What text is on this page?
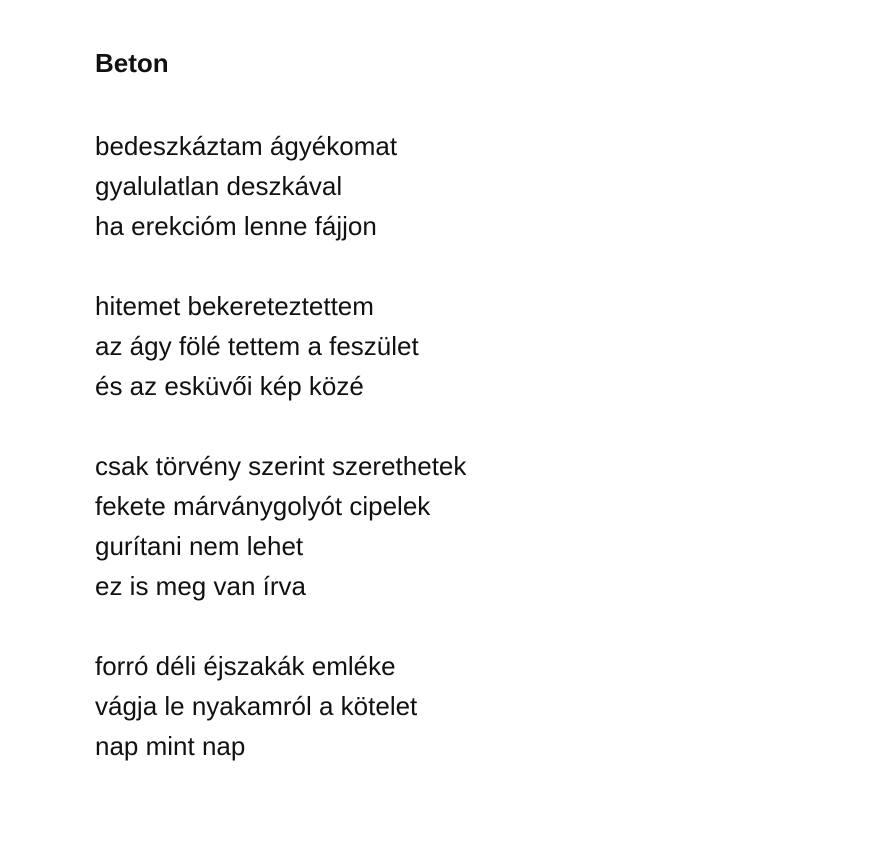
Beton
bedeszkáztam ágyékomat
gyalulatlan deszkával
ha erekcióm lenne fájjon
hitemet bekereteztettem
az ágy fölé tettem a feszület
és az esküvői kép közé
csak törvény szerint szerethetek
fekete márványgolyót cipelek
gurítani nem lehet
ez is meg van írva
forró déli éjszakák emléke
vágja le nyakamról a kötelet
nap mint nap
